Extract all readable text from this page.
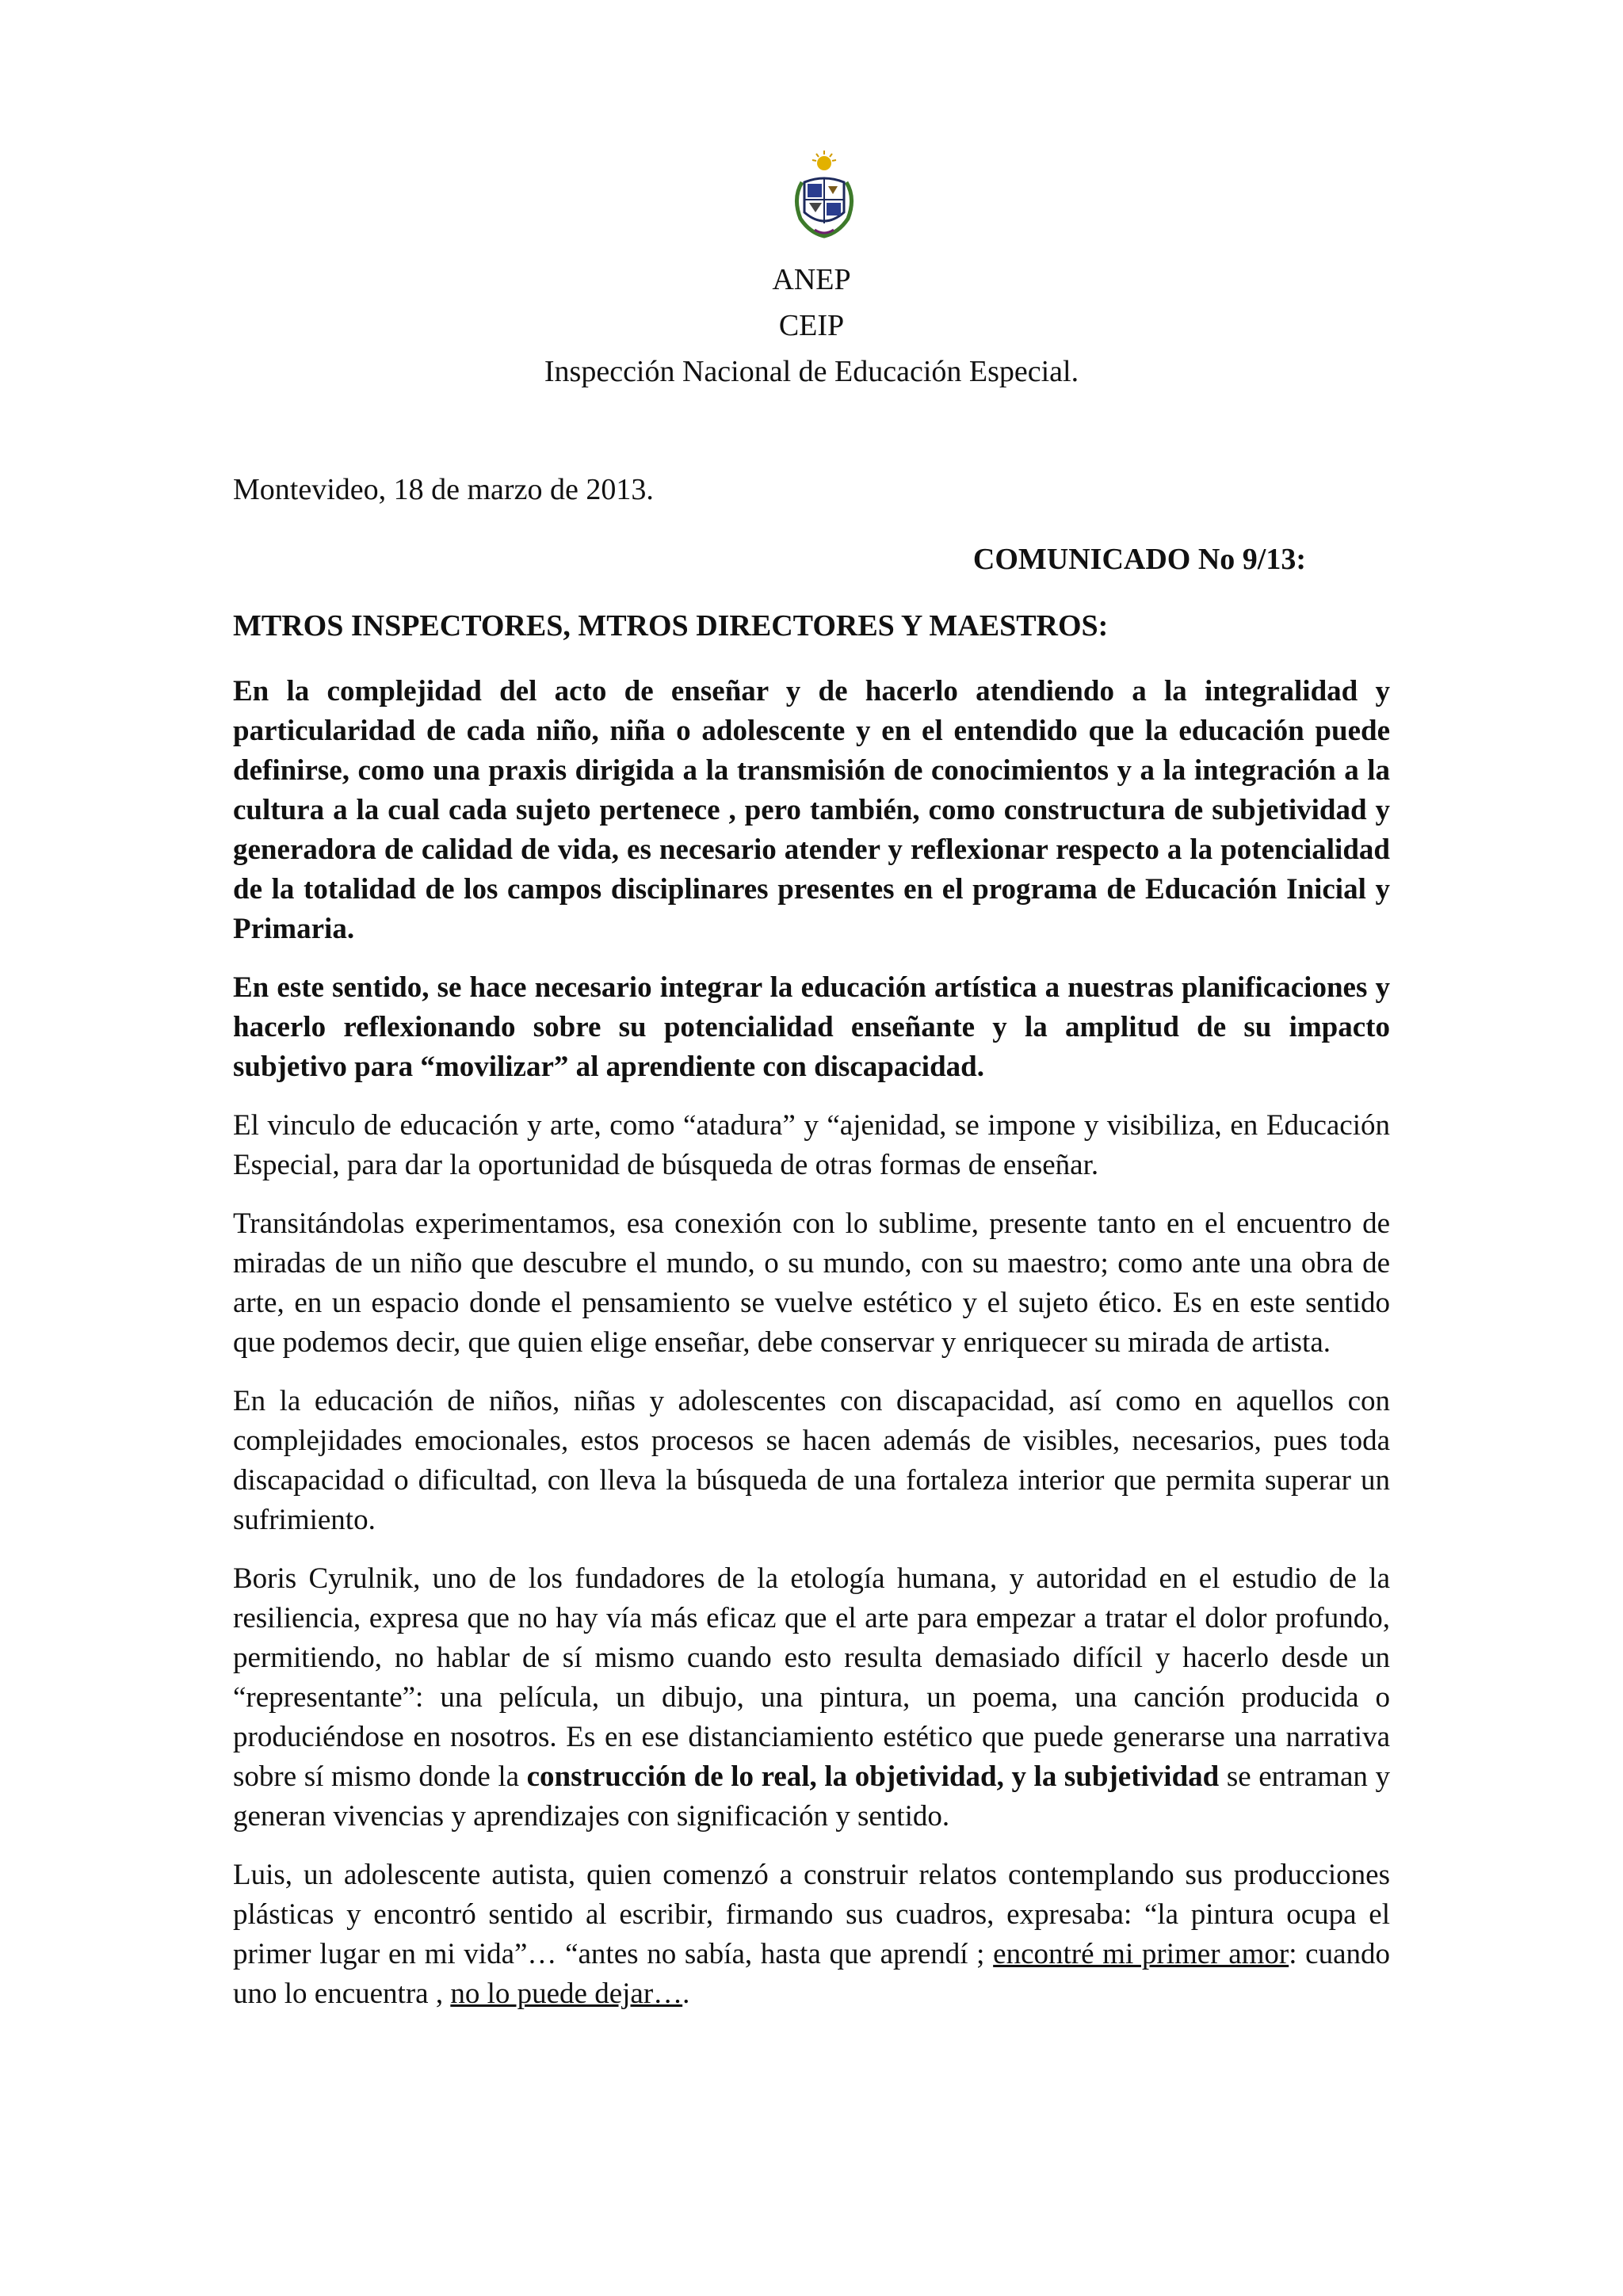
ANEP
CEIP
Inspección Nacional de Educación Especial.
Montevideo, 18 de marzo de 2013.
COMUNICADO No 9/13:
MTROS INSPECTORES, MTROS DIRECTORES Y MAESTROS:

En la complejidad del acto de enseñar y de hacerlo atendiendo a la integralidad y particularidad de cada niño, niña o adolescente y en el entendido que la educación puede definirse, como una praxis dirigida a la transmisión de conocimientos y a la integración a la cultura a la cual cada sujeto pertenece , pero también, como constructura de subjetividad y generadora de calidad de vida, es necesario atender y reflexionar respecto a la potencialidad de la totalidad de los campos disciplinares presentes en el programa de Educación Inicial y Primaria.

En este sentido, se hace necesario integrar la educación artística a nuestras planificaciones y hacerlo reflexionando sobre su potencialidad enseñante y la amplitud de su impacto subjetivo para “movilizar” al aprendiente con discapacidad.

El vinculo de educación y arte, como “atadura” y “ajenidad, se impone y visibiliza, en Educación Especial, para dar la oportunidad de búsqueda de otras formas de enseñar.

Transitándolas experimentamos, esa conexión con lo sublime, presente tanto en el encuentro de miradas de un niño que descubre el mundo, o su mundo, con su maestro; como ante una obra de arte, en un espacio donde el pensamiento se vuelve estético y el sujeto ético. Es en este sentido que podemos decir, que quien elige enseñar, debe conservar y enriquecer su mirada de artista.

En la educación de niños, niñas y adolescentes con discapacidad, así como en aquellos con complejidades emocionales, estos procesos se hacen además de visibles, necesarios, pues toda discapacidad o dificultad, con lleva la búsqueda de una fortaleza interior que permita superar un sufrimiento.

Boris Cyrulnik, uno de los fundadores de la etología humana, y autoridad en el estudio de la resiliencia, expresa que no hay vía más eficaz que el arte para empezar a tratar el dolor profundo, permitiendo, no hablar de sí mismo cuando esto resulta demasiado difícil y hacerlo desde un “representante”: una película, un dibujo, una pintura, un poema, una canción producida o produciéndose en nosotros. Es en ese distanciamiento estético que puede generarse una narrativa sobre sí mismo donde la construcción de lo real, la objetividad, y la subjetividad se entraman y generan vivencias y aprendizajes con significación y sentido.

Luis, un adolescente autista, quien comenzó a construir relatos contemplando sus producciones plásticas y encontró sentido al escribir, firmando sus cuadros, expresaba: “la pintura ocupa el primer lugar en mi vida”… “antes no sabía, hasta que aprendí ; encontré mi primer amor: cuando uno lo encuentra , no lo puede dejar….
